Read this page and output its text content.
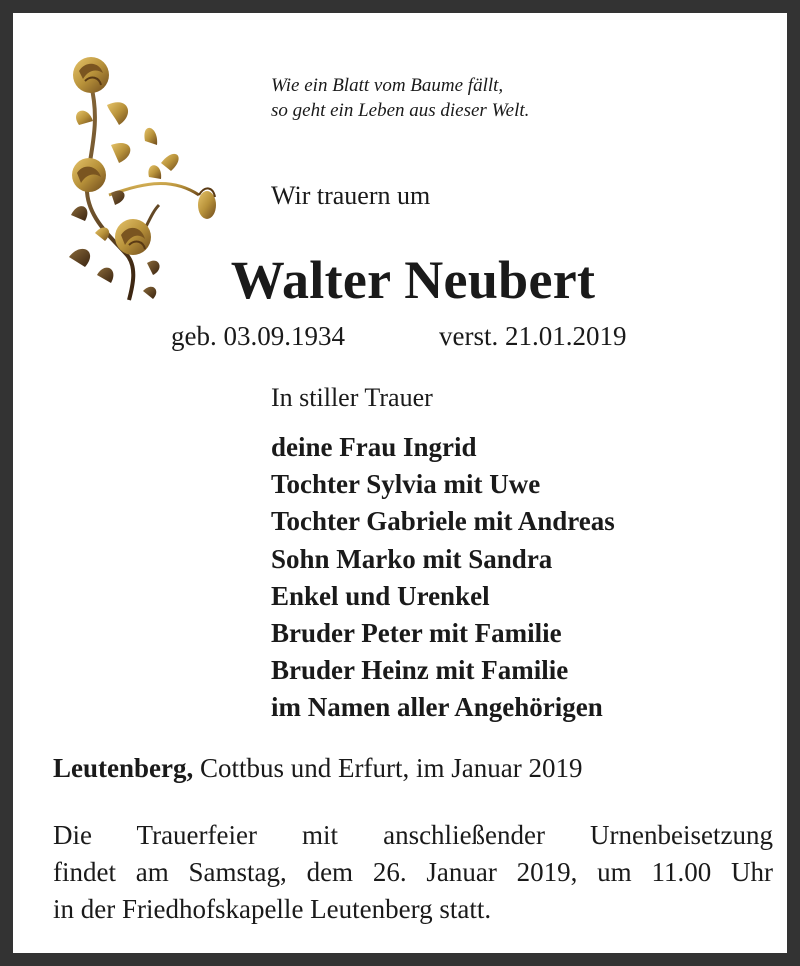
Wie ein Blatt vom Baume fällt,
so geht ein Leben aus dieser Welt.
Wir trauern um
Walter Neubert
geb. 03.09.1934	verst. 21.01.2019
In stiller Trauer
deine Frau Ingrid
Tochter Sylvia mit Uwe
Tochter Gabriele mit Andreas
Sohn Marko mit Sandra
Enkel und Urenkel
Bruder Peter mit Familie
Bruder Heinz mit Familie
im Namen aller Angehörigen
Leutenberg, Cottbus und Erfurt, im Januar 2019
Die Trauerfeier mit anschließender Urnenbeisetzung
findet am Samstag, dem 26. Januar 2019, um 11.00 Uhr
in der Friedhofskapelle Leutenberg statt.
